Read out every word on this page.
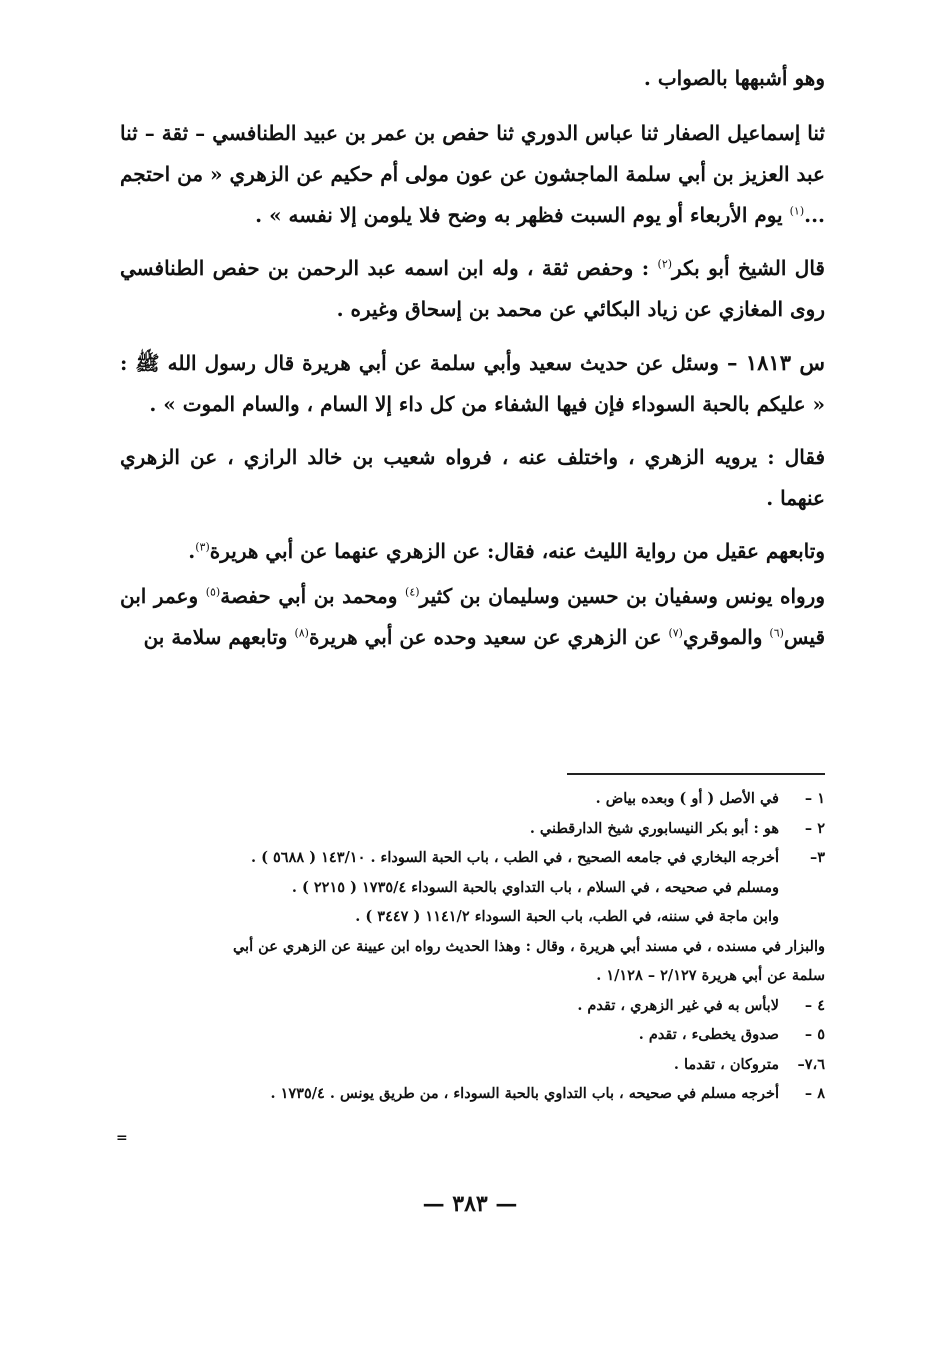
وهو أشبهها بالصواب .

ثنا إسماعيل الصفار ثنا عباس الدوري ثنا حفص بن عمر بن عبيد الطنافسي – ثقة – ثنا عبد العزيز بن أبي سلمة الماجشون عن عون مولى أم حكيم عن الزهري « من احتجم ...$^{(١)}$ يوم الأربعاء أو يوم السبت فظهر به وضح فلا يلومن إلا نفسه » .

قال الشيخ أبو بكر$^{(٢)}$ : وحفص ثقة ، وله ابن اسمه عبد الرحمن بن حفص الطنافسي روى المغازي عن زياد البكائي عن محمد بن إسحاق وغيره .

س ١٨١٣ – وسئل عن حديث سعيد وأبي سلمة عن أبي هريرة قال رسول الله ﷺ : « عليكم بالحبة السوداء فإن فيها الشفاء من كل داء إلا السام ، والسام الموت » .

فقال : يرويه الزهري ، واختلف عنه ، فرواه شعيب بن خالد الرازي ، عن الزهري عنهما .

وتابعهم عقيل من رواية الليث عنه، فقال: عن الزهري عنهما عن أبي هريرة$^{(٣)}$.

ورواه يونس وسفيان بن حسين وسليمان بن كثير$^{(٤)}$ ومحمد بن أبي حفصة$^{(٥)}$ وعمر ابن قيس$^{(٦)}$ والموقري$^{(٧)}$ عن الزهري عن سعيد وحده عن أبي هريرة$^{(٨)}$ وتابعهم سلامة بن

١ –
في الأصل ( أو ) وبعده بياض .
٢ –
هو : أبو بكر النيسابوري شيخ الدارقطني .
٣–
أخرجه البخاري في جامعه الصحيح ، في الطب ، باب الحبة السوداء . ١٤٣/١٠ ( ٥٦٨٨ ) .
ومسلم في صحيحه ، في السلام ، باب التداوي بالحبة السوداء ١٧٣٥/٤ ( ٢٢١٥ ) .
وابن ماجة في سننه، في الطب، باب الحبة السوداء ١١٤١/٢ ( ٣٤٤٧ ) .
والبزار في مسنده ، في مسند أبي هريرة ، وقال : وهذا الحديث رواه ابن عيينة عن الزهري عن أبي
سلمة عن أبي هريرة ٢/١٢٧ – ١/١٢٨ .
٤ –
لابأس به في غير الزهري ، تقدم .
٥ –
صدوق يخطىء ، تقدم .
٧،٦–
متروكان ، تقدما .
٨ –
أخرجه مسلم في صحيحه ، باب التداوي بالحبة السوداء ، من طريق يونس . ١٧٣٥/٤ .
=
— ٣٨٣ —
